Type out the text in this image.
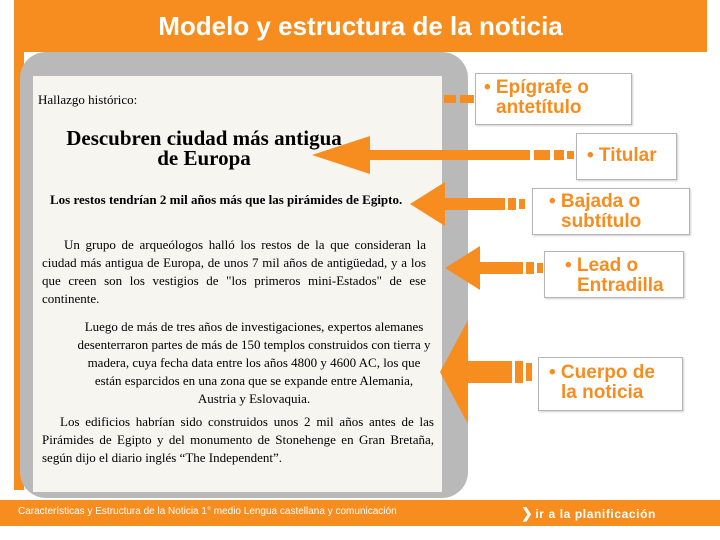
Modelo y estructura de la noticia
Hallazgo histórico:
Descubren ciudad más antigua de Europa
Los restos tendrían 2 mil años más que las pirámides de Egipto.
Un grupo de arqueólogos halló los restos de la que consideran la ciudad más antigua de Europa, de unos 7 mil años de antigüedad, y a los que creen son los vestigios de "los primeros mini-Estados" de ese continente.
Luego de más de tres años de investigaciones, expertos alemanes desenterraron partes de más de 150 templos construidos con tierra y madera, cuya fecha data entre los años 4800 y 4600 AC, los que están esparcidos en una zona que se expande entre Alemania, Austria y Eslovaquia.
Los edificios habrían sido construidos unos 2 mil años antes de las Pirámides de Egipto y del monumento de Stonehenge en Gran Bretaña, según dijo el diario inglés “The Independent”.
• Epígrafe o
antetítulo
• Titular
• Bajada o
subtítulo
• Lead o
Entradilla
• Cuerpo de
la noticia
Características y Estructura de la Noticia 1° medio Lengua castellana y comunicación	❯ ir a la planificación
